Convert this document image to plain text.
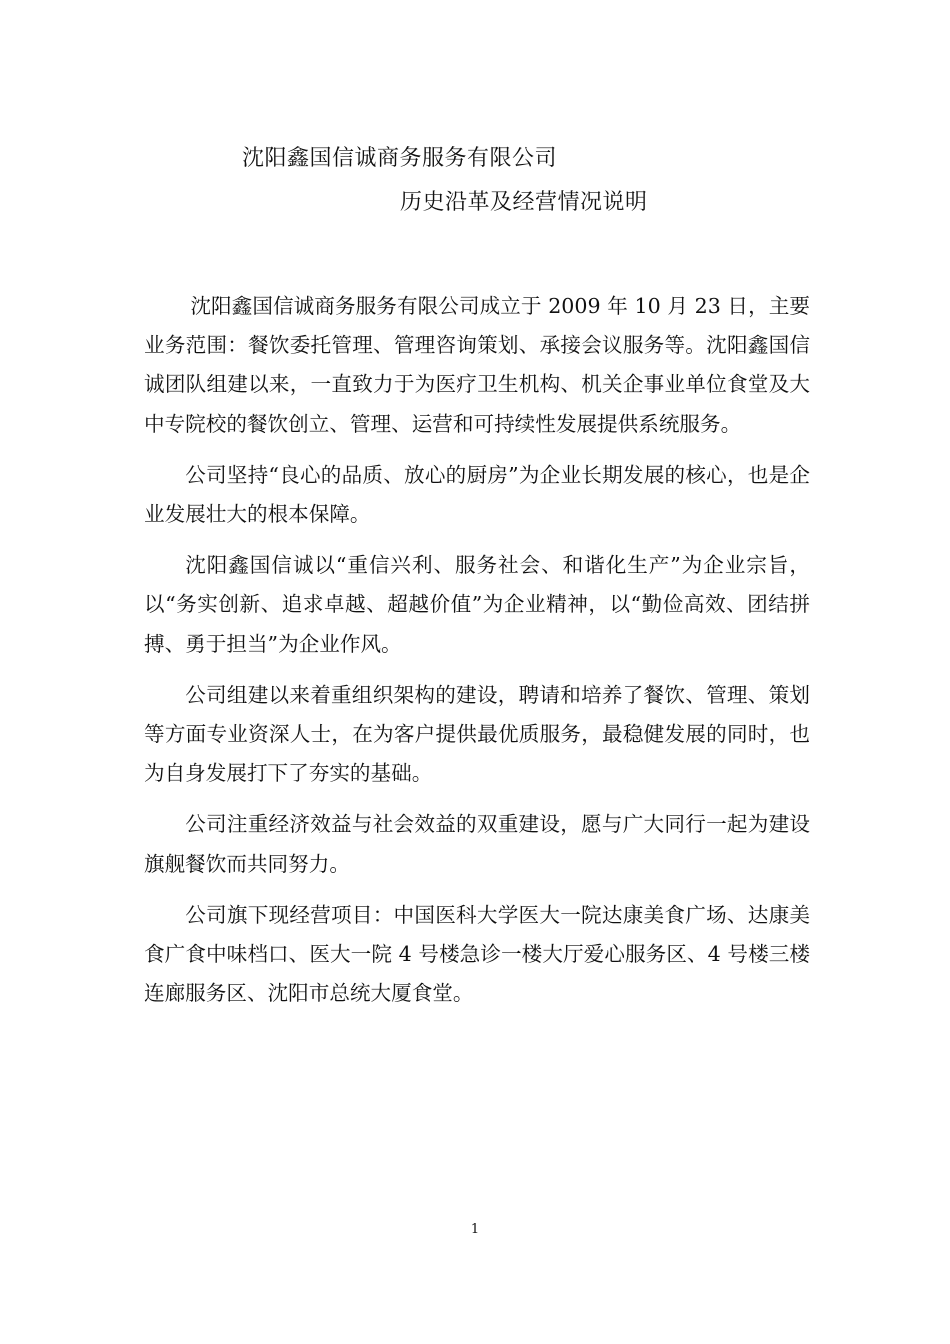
沈阳鑫国信诚商务服务有限公司
历史沿革及经营情况说明

沈阳鑫国信诚商务服务有限公司成立于 2009 年 10 月 23 日，主要业务范围：餐饮委托管理、管理咨询策划、承接会议服务等。沈阳鑫国信诚团队组建以来，一直致力于为医疗卫生机构、机关企事业单位食堂及大中专院校的餐饮创立、管理、运营和可持续性发展提供系统服务。

公司坚持“良心的品质、放心的厨房”为企业长期发展的核心，也是企业发展壮大的根本保障。

沈阳鑫国信诚以“重信兴利、服务社会、和谐化生产”为企业宗旨，以“务实创新、追求卓越、超越价值”为企业精神，以“勤俭高效、团结拼搏、勇于担当”为企业作风。

公司组建以来着重组织架构的建设，聘请和培养了餐饮、管理、策划等方面专业资深人士，在为客户提供最优质服务，最稳健发展的同时，也为自身发展打下了夯实的基础。

公司注重经济效益与社会效益的双重建设，愿与广大同行一起为建设旗舰餐饮而共同努力。

公司旗下现经营项目：中国医科大学医大一院达康美食广场、达康美食广食中味档口、医大一院 4 号楼急诊一楼大厅爱心服务区、4 号楼三楼连廊服务区、沈阳市总统大厦食堂。

1
